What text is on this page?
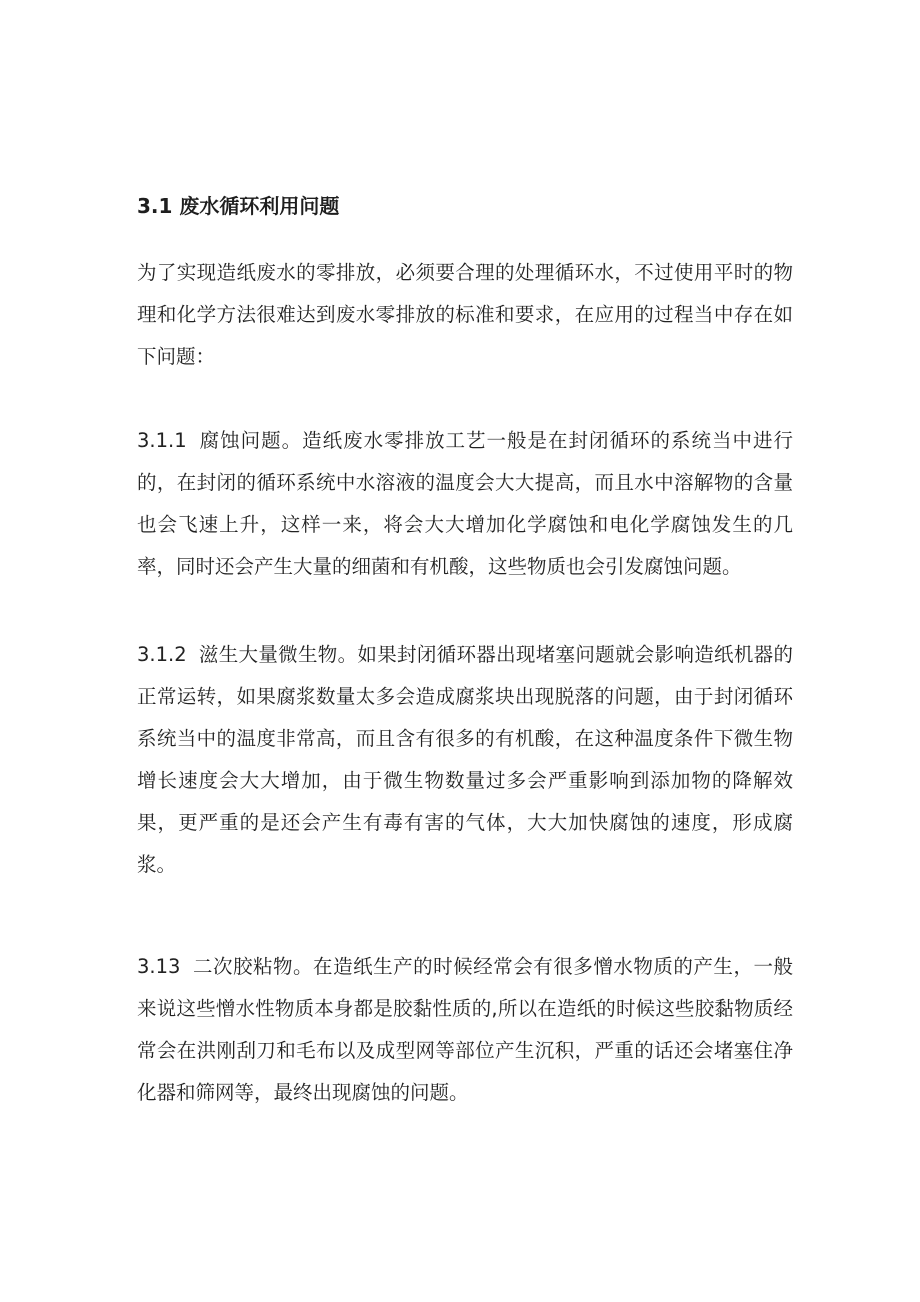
3.1 废水循环利用问题

为了实现造纸废水的零排放，必须要合理的处理循环水，不过使用平时的物理和化学方法很难达到废水零排放的标准和要求，在应用的过程当中存在如下问题：

3.1.1 腐蚀问题。造纸废水零排放工艺一般是在封闭循环的系统当中进行的，在封闭的循环系统中水溶液的温度会大大提高，而且水中溶解物的含量也会飞速上升，这样一来，将会大大增加化学腐蚀和电化学腐蚀发生的几率，同时还会产生大量的细菌和有机酸，这些物质也会引发腐蚀问题。

3.1.2 滋生大量微生物。如果封闭循环器出现堵塞问题就会影响造纸机器的正常运转，如果腐浆数量太多会造成腐浆块出现脱落的问题，由于封闭循环系统当中的温度非常高，而且含有很多的有机酸，在这种温度条件下微生物增长速度会大大增加，由于微生物数量过多会严重影响到添加物的降解效果，更严重的是还会产生有毒有害的气体，大大加快腐蚀的速度，形成腐浆。

3.13 二次胶粘物。在造纸生产的时候经常会有很多憎水物质的产生，一般来说这些憎水性物质本身都是胶黏性质的,所以在造纸的时候这些胶黏物质经常会在洪刚刮刀和毛布以及成型网等部位产生沉积，严重的话还会堵塞住净化器和筛网等，最终出现腐蚀的问题。
